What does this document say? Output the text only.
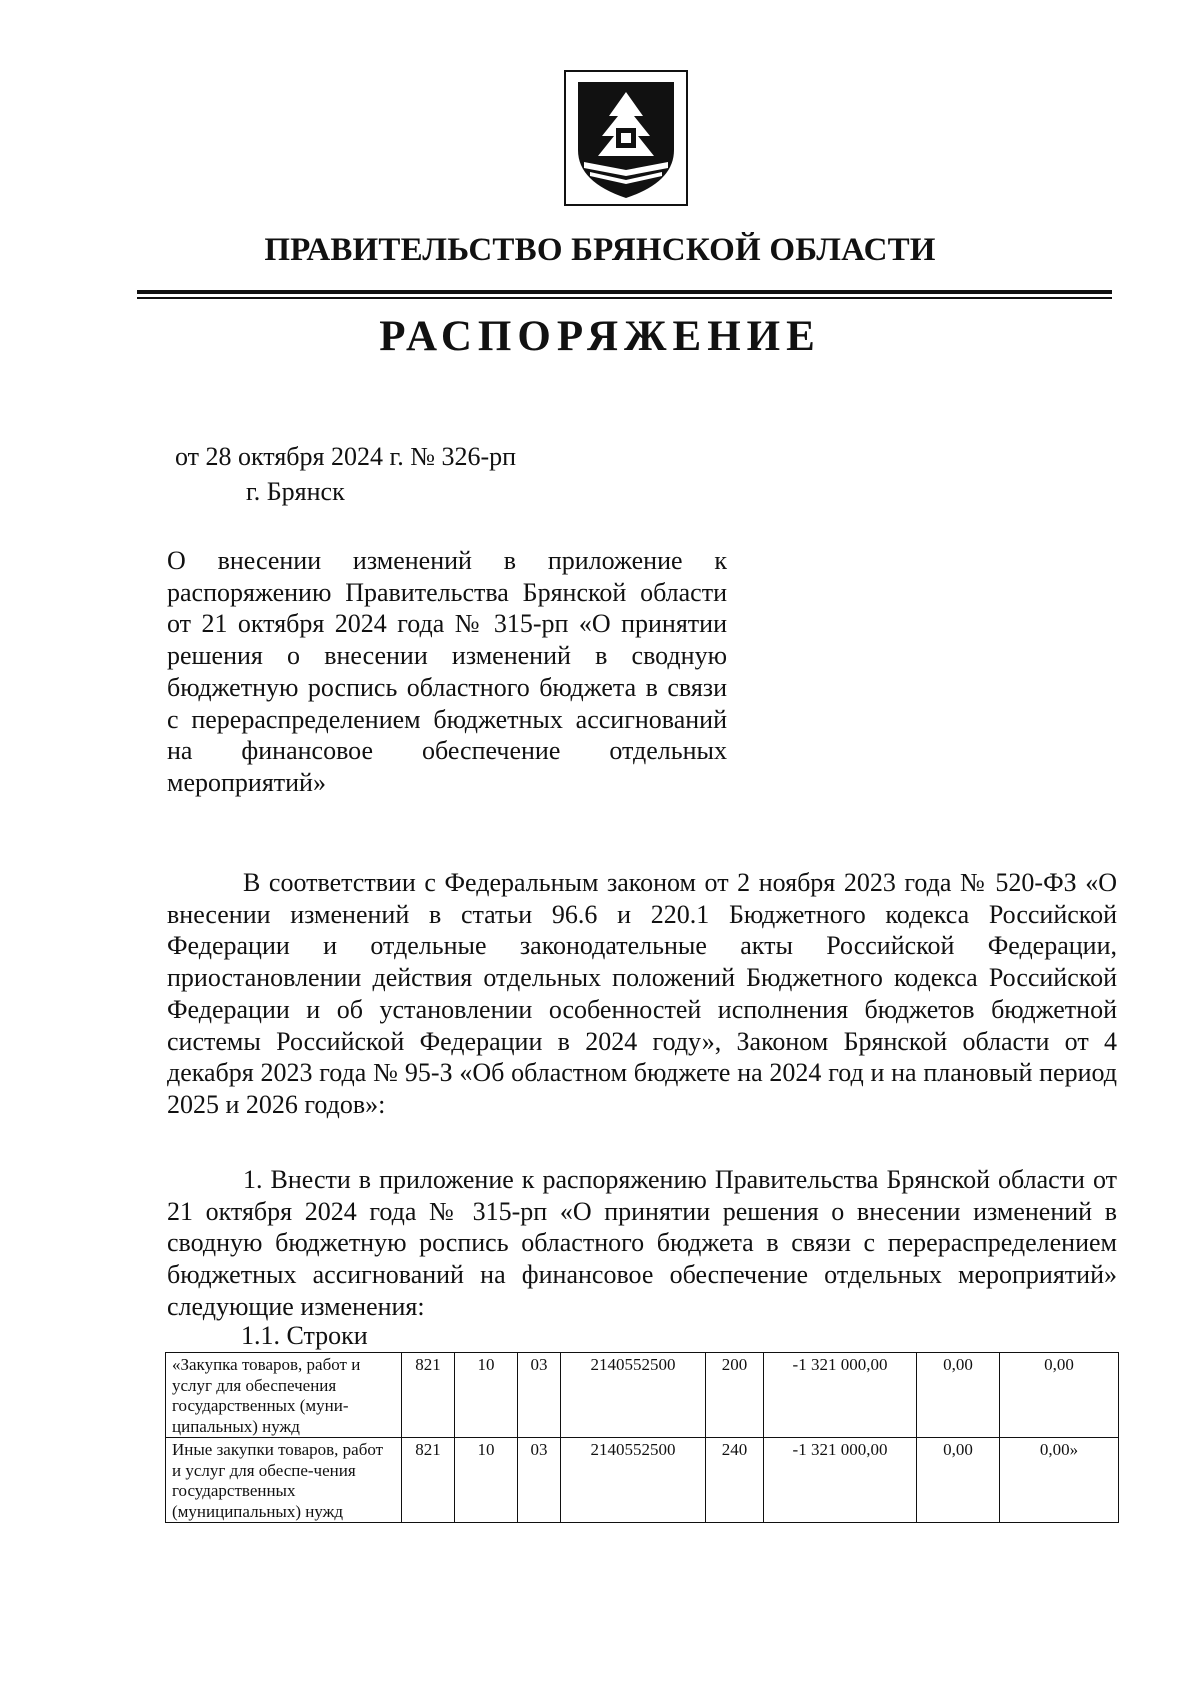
ПРАВИТЕЛЬСТВО БРЯНСКОЙ ОБЛАСТИ
РАСПОРЯЖЕНИЕ
от 28 октября 2024 г. № 326-рп
г. Брянск
О внесении изменений в приложение к распоряжению Правительства Брянской области от 21 октября 2024 года № 315-рп «О принятии решения о внесении изменений в сводную бюджетную роспись областного бюджета в связи с перераспределением бюджетных ассигнований на финансовое обеспечение отдельных мероприятий»
В соответствии с Федеральным законом от 2 ноября 2023 года № 520-ФЗ «О внесении изменений в статьи 96.6 и 220.1 Бюджетного кодекса Российской Федерации и отдельные законодательные акты Российской Федерации, приостановлении действия отдельных положений Бюджетного кодекса Российской Федерации и об установлении особенностей исполнения бюджетов бюджетной системы Российской Федерации в 2024 году», Законом Брянской области от 4 декабря 2023 года № 95-З «Об областном бюджете на 2024 год и на плановый период 2025 и 2026 годов»:
1. Внести в приложение к распоряжению Правительства Брянской области от 21 октября 2024 года № 315-рп «О принятии решения о внесении изменений в сводную бюджетную роспись областного бюджета в связи с перераспределением бюджетных ассигнований на финансовое обеспечение отдельных мероприятий» следующие изменения:
1.1. Строки
«Закупка товаров, работ и услуг для обеспечения государственных (муни-ципальных) нужд	821	10	03	2140552500	200	-1 321 000,00	0,00	0,00
Иные закупки товаров, работ и услуг для обеспе-чения государственных (муниципальных) нужд	821	10	03	2140552500	240	-1 321 000,00	0,00	0,00»
